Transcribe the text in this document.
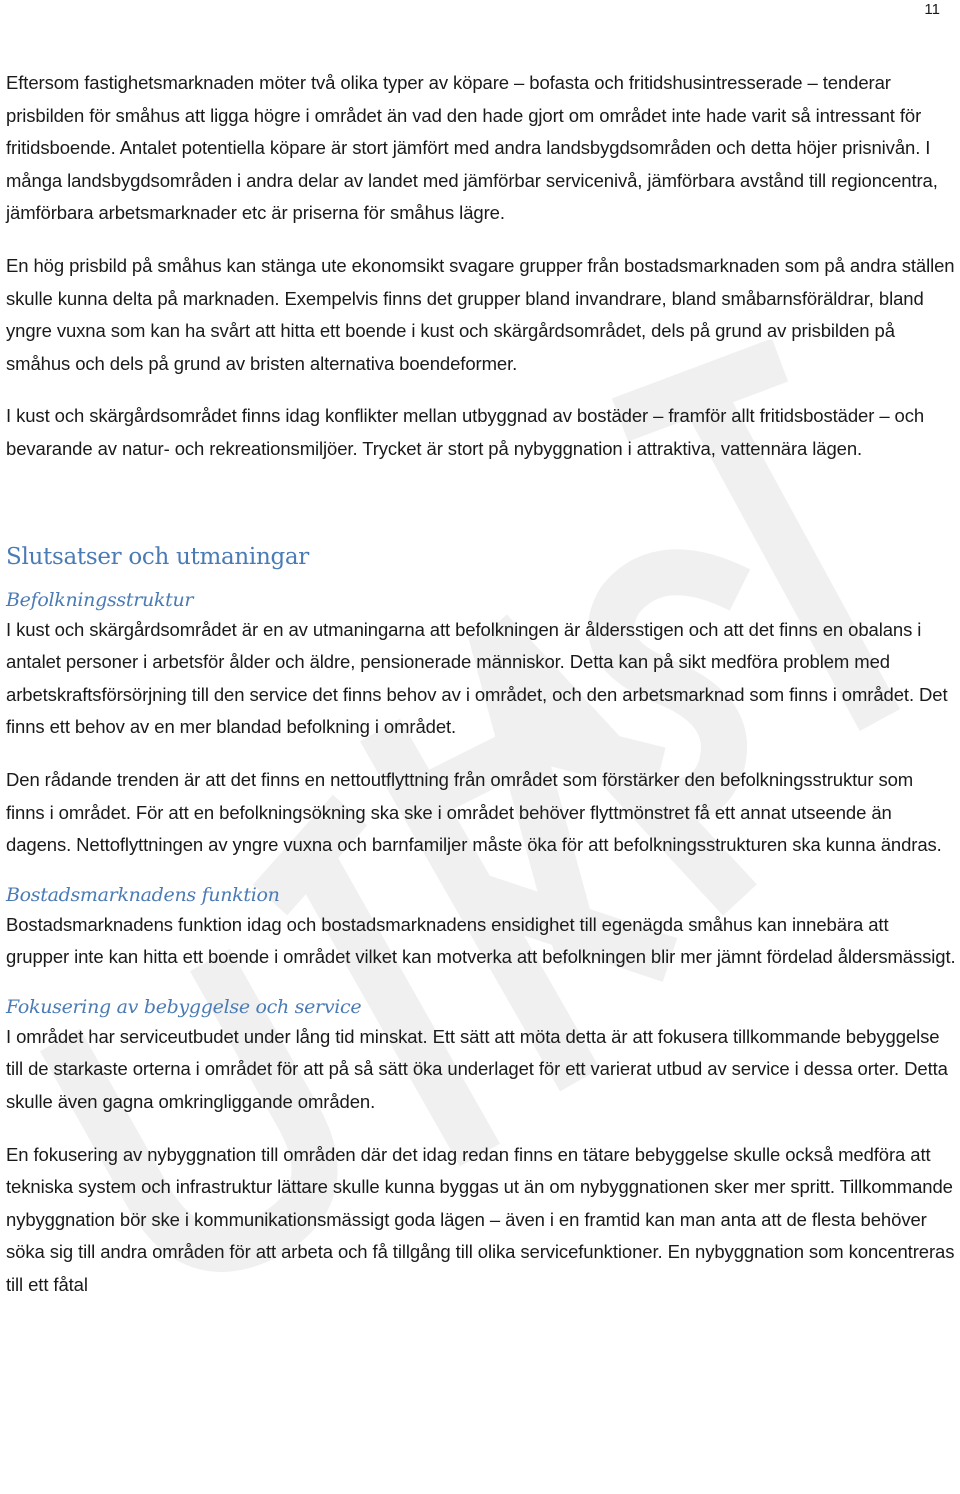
11

Eftersom fastighetsmarknaden möter två olika typer av köpare – bofasta och fritidshusintresserade – tenderar prisbilden för småhus att ligga högre i området än vad den hade gjort om området inte hade varit så intressant för fritidsboende. Antalet potentiella köpare är stort jämfört med andra landsbygdsområden och detta höjer prisnivån. I många landsbygdsområden i andra delar av landet med jämförbar servicenivå, jämförbara avstånd till regioncentra, jämförbara arbetsmarknader etc är priserna för småhus lägre.

En hög prisbild på småhus kan stänga ute ekonomsikt svagare grupper från bostadsmarknaden som på andra ställen skulle kunna delta på marknaden. Exempelvis finns det grupper bland invandrare, bland småbarnsföräldrar, bland yngre vuxna som kan ha svårt att hitta ett boende i kust och skärgårdsområdet, dels på grund av prisbilden på småhus och dels på grund av bristen alternativa boendeformer.

I kust och skärgårdsområdet finns idag konflikter mellan utbyggnad av bostäder – framför allt fritidsbostäder – och bevarande av natur- och rekreationsmiljöer. Trycket är stort på nybyggnation i attraktiva, vattennära lägen.

Slutsatser och utmaningar
Befolkningsstruktur

I kust och skärgårdsområdet är en av utmaningarna att befolkningen är åldersstigen och att det finns en obalans i antalet personer i arbetsför ålder och äldre, pensionerade människor. Detta kan på sikt medföra problem med arbetskraftsförsörjning till den service det finns behov av i området, och den arbetsmarknad som finns i området. Det finns ett behov av en mer blandad befolkning i området.

Den rådande trenden är att det finns en nettoutflyttning från området som förstärker den befolkningsstruktur som finns i området. För att en befolkningsökning ska ske i området behöver flyttmönstret få ett annat utseende än dagens. Nettoflyttningen av yngre vuxna och barnfamiljer måste öka för att befolkningsstrukturen ska kunna ändras.

Bostadsmarknadens funktion

Bostadsmarknadens funktion idag och bostadsmarknadens ensidighet till egenägda småhus kan innebära att grupper inte kan hitta ett boende i området vilket kan motverka att befolkningen blir mer jämnt fördelad åldersmässigt.

Fokusering av bebyggelse och service

I området har serviceutbudet under lång tid minskat. Ett sätt att möta detta är att fokusera tillkommande bebyggelse till de starkaste orterna i området för att på så sätt öka underlaget för ett varierat utbud av service i dessa orter. Detta skulle även gagna omkringliggande områden.

En fokusering av nybyggnation till områden där det idag redan finns en tätare bebyggelse skulle också medföra att tekniska system och infrastruktur lättare skulle kunna byggas ut än om nybyggnationen sker mer spritt. Tillkommande nybyggnation bör ske i kommunikationsmässigt goda lägen – även i en framtid kan man anta att de flesta behöver söka sig till andra områden för att arbeta och få tillgång till olika servicefunktioner. En nybyggnation som koncentreras till ett fåtal
